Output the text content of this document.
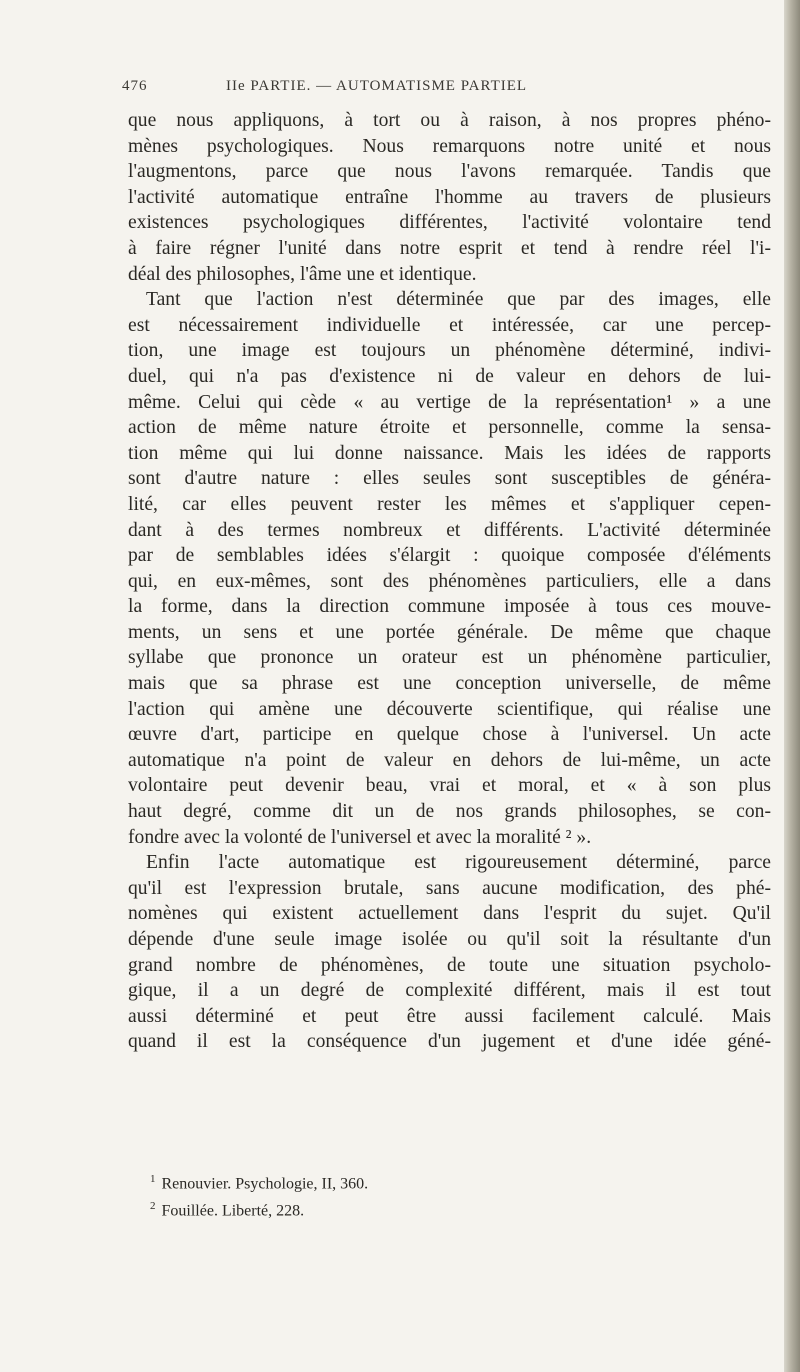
476	IIe PARTIE. — AUTOMATISME PARTIEL
que nous appliquons, à tort ou à raison, à nos propres phéno-
mènes psychologiques. Nous remarquons notre unité et nous
l'augmentons, parce que nous l'avons remarquée. Tandis que
l'activité automatique entraîne l'homme au travers de plusieurs
existences psychologiques différentes, l'activité volontaire tend
à faire régner l'unité dans notre esprit et tend à rendre réel l'i-
déal des philosophes, l'âme une et identique.
Tant que l'action n'est déterminée que par des images, elle
est nécessairement individuelle et intéressée, car une percep-
tion, une image est toujours un phénomène déterminé, indivi-
duel, qui n'a pas d'existence ni de valeur en dehors de lui-
même. Celui qui cède « au vertige de la représentation¹ » a une
action de même nature étroite et personnelle, comme la sensa-
tion même qui lui donne naissance. Mais les idées de rapports
sont d'autre nature : elles seules sont susceptibles de généra-
lité, car elles peuvent rester les mêmes et s'appliquer cepen-
dant à des termes nombreux et différents. L'activité déterminée
par de semblables idées s'élargit : quoique composée d'éléments
qui, en eux-mêmes, sont des phénomènes particuliers, elle a dans
la forme, dans la direction commune imposée à tous ces mouve-
ments, un sens et une portée générale. De même que chaque
syllabe que prononce un orateur est un phénomène particulier,
mais que sa phrase est une conception universelle, de même
l'action qui amène une découverte scientifique, qui réalise une
œuvre d'art, participe en quelque chose à l'universel. Un acte
automatique n'a point de valeur en dehors de lui-même, un acte
volontaire peut devenir beau, vrai et moral, et « à son plus
haut degré, comme dit un de nos grands philosophes, se con-
fondre avec la volonté de l'universel et avec la moralité ² ».
Enfin l'acte automatique est rigoureusement déterminé, parce
qu'il est l'expression brutale, sans aucune modification, des phé-
nomènes qui existent actuellement dans l'esprit du sujet. Qu'il
dépende d'une seule image isolée ou qu'il soit la résultante d'un
grand nombre de phénomènes, de toute une situation psycholo-
gique, il a un degré de complexité différent, mais il est tout
aussi déterminé et peut être aussi facilement calculé. Mais
quand il est la conséquence d'un jugement et d'une idée géné-
$^1$ Renouvier. Psychologie, II, 360.
$^2$ Fouillée. Liberté, 228.
